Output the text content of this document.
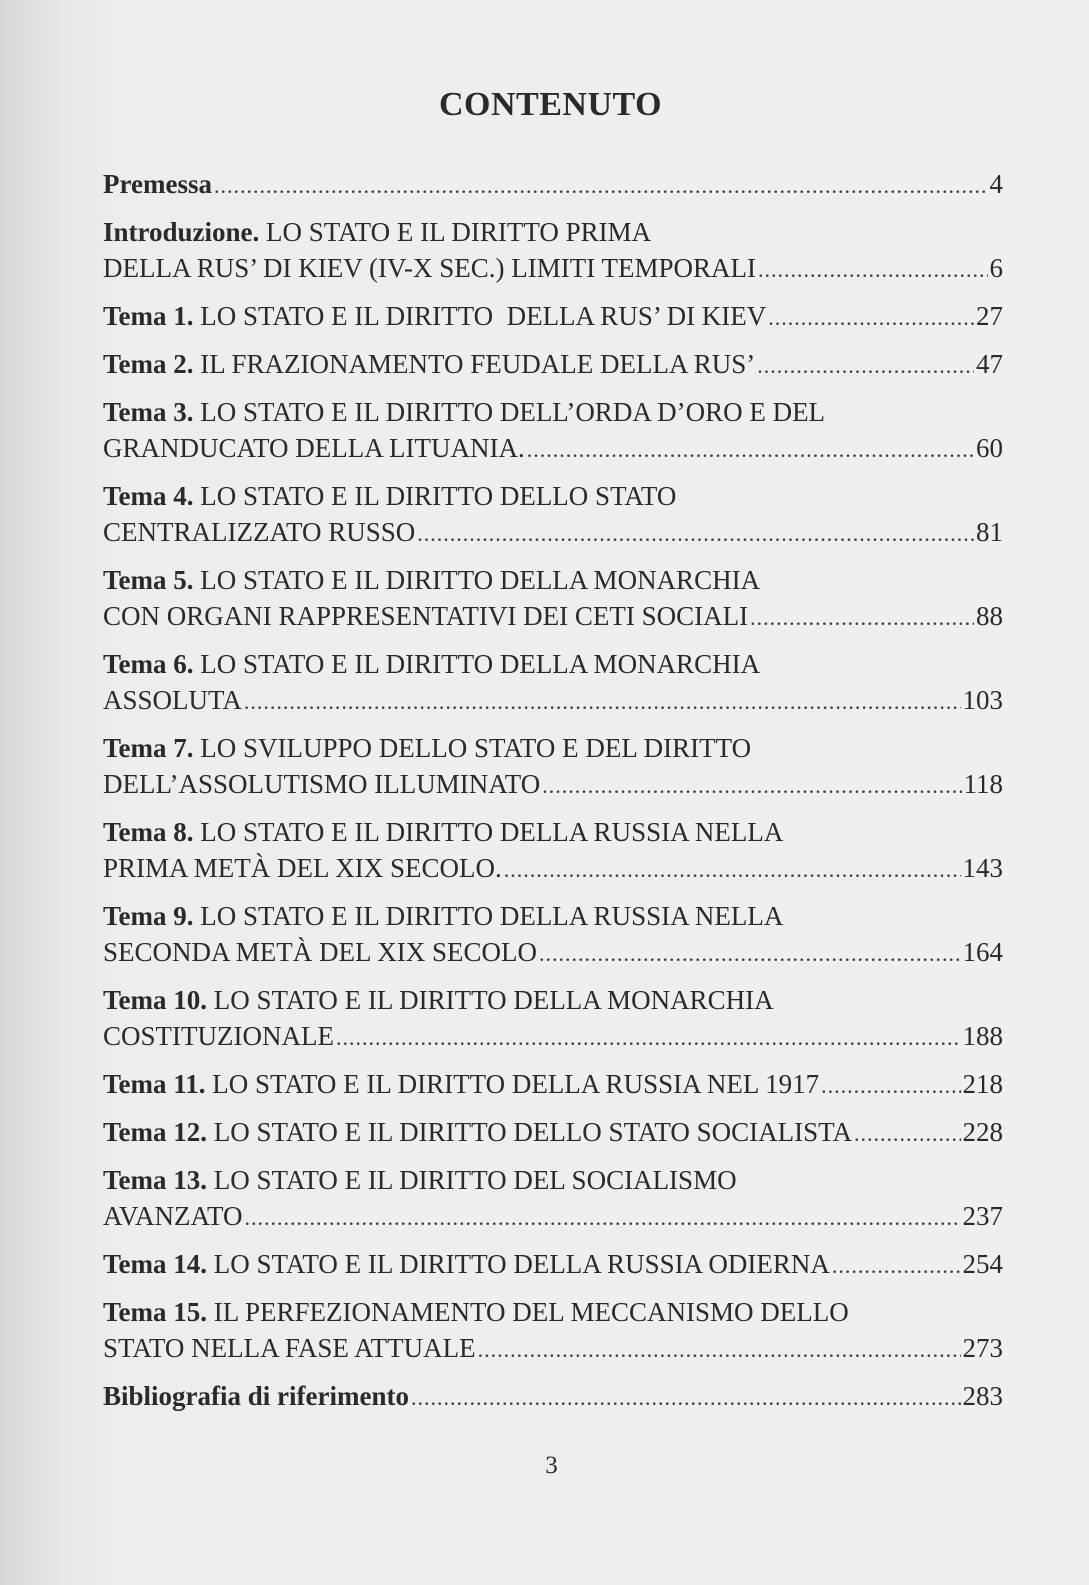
CONTENUTO
Premessa .....	4
Introduzione. LO STATO E IL DIRITTO PRIMA
DELLA RUS’ DI KIEV (IV-X SEC.) LIMITI TEMPORALI .....	6
Tema 1. LO STATO E IL DIRITTO  DELLA RUS’ DI KIEV .....	27
Tema 2. IL FRAZIONAMENTO FEUDALE DELLA RUS’ .....	47
Tema 3. LO STATO E IL DIRITTO DELL’ORDA D’ORO E DEL
GRANDUCATO DELLA LITUANIA. .....	60
Tema 4. LO STATO E IL DIRITTO DELLO STATO
CENTRALIZZATO RUSSO .....	81
Tema 5. LO STATO E IL DIRITTO DELLA MONARCHIA
CON ORGANI RAPPRESENTATIVI DEI CETI SOCIALI .....	88
Tema 6. LO STATO E IL DIRITTO DELLA MONARCHIA
ASSOLUTA .....	103
Tema 7. LO SVILUPPO DELLO STATO E DEL DIRITTO
DELL’ASSOLUTISMO ILLUMINATO .....	118
Tema 8. LO STATO E IL DIRITTO DELLA RUSSIA NELLA
PRIMA METÀ DEL XIX SECOLO. .....	143
Tema 9. LO STATO E IL DIRITTO DELLA RUSSIA NELLA
SECONDA METÀ DEL XIX SECOLO .....	164
Tema 10. LO STATO E IL DIRITTO DELLA MONARCHIA
COSTITUZIONALE .....	188
Tema 11. LO STATO E IL DIRITTO DELLA RUSSIA NEL 1917 .....	218
Tema 12. LO STATO E IL DIRITTO DELLO STATO SOCIALISTA .....	228
Tema 13. LO STATO E IL DIRITTO DEL SOCIALISMO
AVANZATO .....	237
Tema 14. LO STATO E IL DIRITTO DELLA RUSSIA ODIERNA .....	254
Tema 15. IL PERFEZIONAMENTO DEL MECCANISMO DELLO
STATO NELLA FASE ATTUALE .....	273
Bibliografia di riferimento .....	283
3
